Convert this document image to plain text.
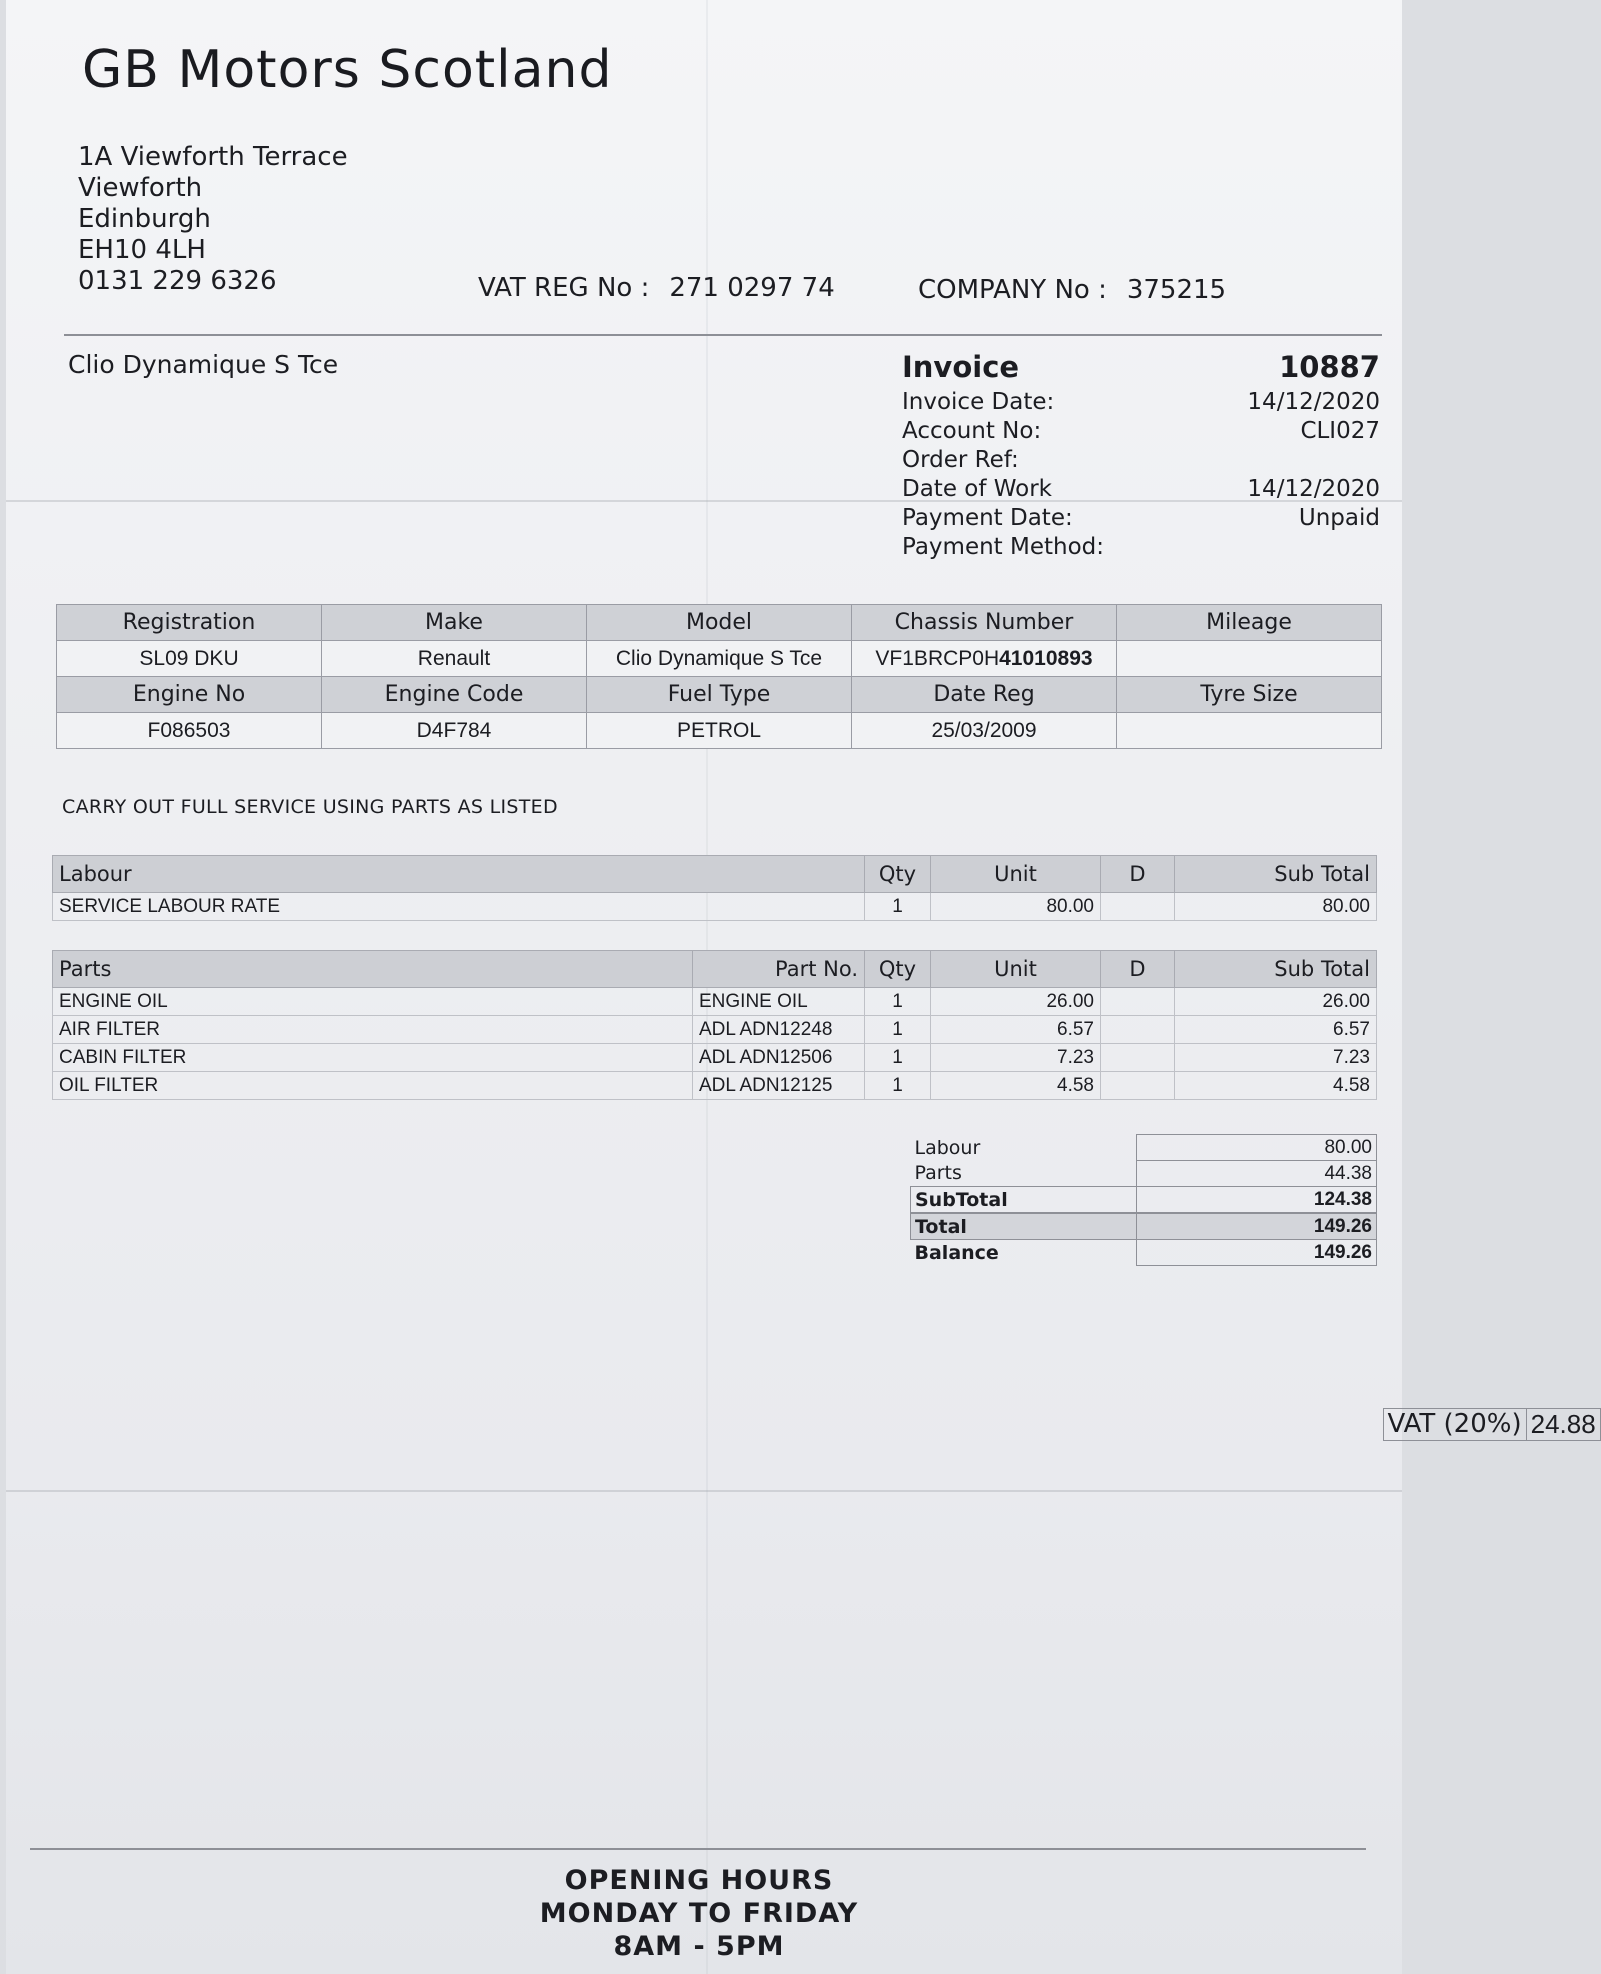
GB Motors Scotland
1A Viewforth Terrace
Viewforth
Edinburgh
EH10 4LH
0131 229 6326	VAT REG No : 271 0297 74	COMPANY No : 375215
Clio Dynamique S Tce	Invoice	10887
Invoice Date:	14/12/2020
Account No:	CLI027
Order Ref:
Date of Work	14/12/2020
Payment Date:	Unpaid
Payment Method:
Registration	Make	Model	Chassis Number	Mileage
SL09 DKU	Renault	Clio Dynamique S Tce	VF1BRCP0H41010893	
Engine No	Engine Code	Fuel Type	Date Reg	Tyre Size
F086503	D4F784	PETROL	25/03/2009	
CARRY OUT FULL SERVICE USING PARTS AS LISTED
Labour	Qty	Unit	D	Sub Total
SERVICE LABOUR RATE	1	80.00		80.00
Parts	Part No.	Qty	Unit	D	Sub Total
ENGINE OIL	ENGINE OIL	1	26.00		26.00
AIR FILTER	ADL ADN12248	1	6.57		6.57
CABIN FILTER	ADL ADN12506	1	7.23		7.23
OIL FILTER	ADL ADN12125	1	4.58		4.58
Labour	80.00
Parts	44.38
SubTotal	124.38

VAT (20%)	24.88
Total	149.26
Balance	149.26
OPENING HOURS
MONDAY TO FRIDAY
8AM - 5PM
